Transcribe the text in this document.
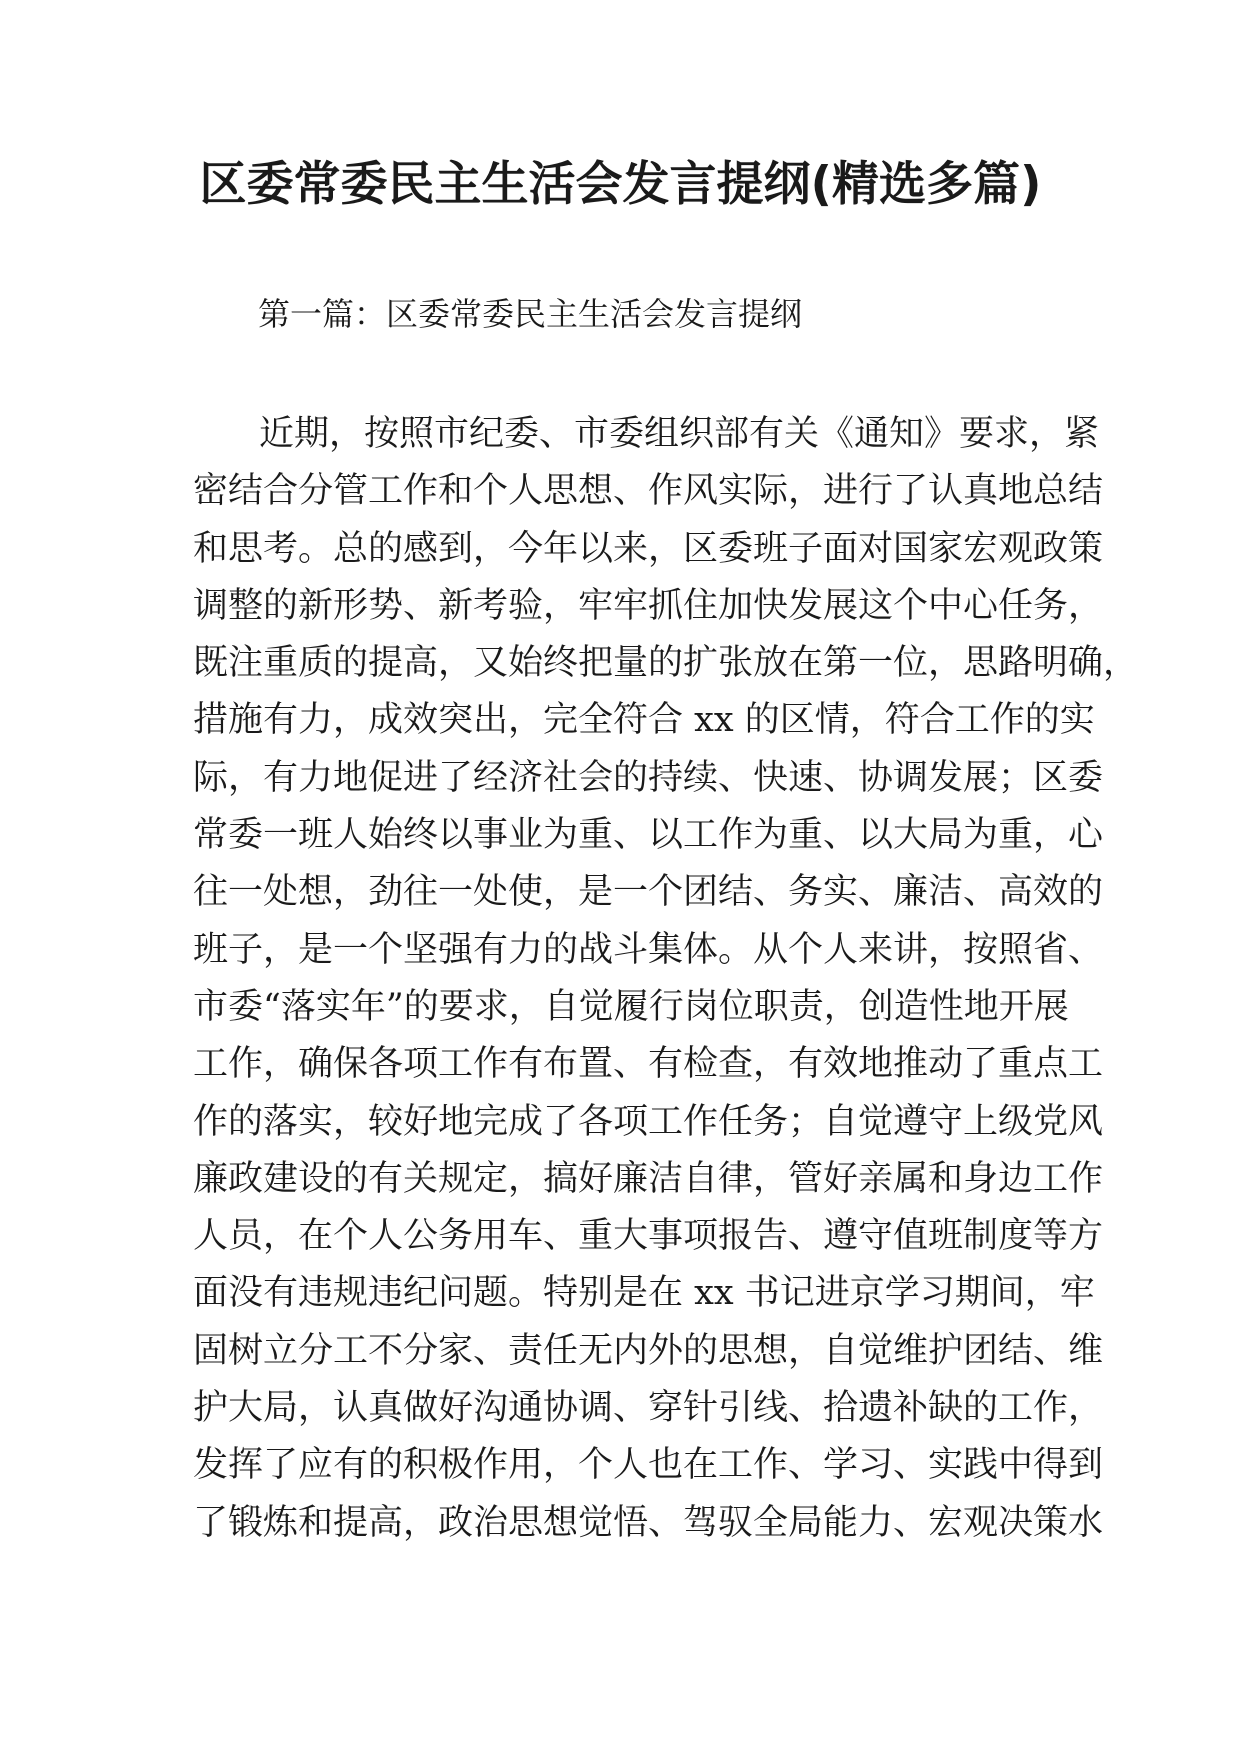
区委常委民主生活会发言提纲(精选多篇)
第一篇：区委常委民主生活会发言提纲
近期，按照市纪委、市委组织部有关《通知》要求，紧
密结合分管工作和个人思想、作风实际，进行了认真地总结
和思考。总的感到，今年以来，区委班子面对国家宏观政策
调整的新形势、新考验，牢牢抓住加快发展这个中心任务，
既注重质的提高，又始终把量的扩张放在第一位，思路明确，
措施有力，成效突出，完全符合 xx 的区情，符合工作的实
际，有力地促进了经济社会的持续、快速、协调发展；区委
常委一班人始终以事业为重、以工作为重、以大局为重，心
往一处想，劲往一处使，是一个团结、务实、廉洁、高效的
班子，是一个坚强有力的战斗集体。从个人来讲，按照省、
市委“落实年”的要求，自觉履行岗位职责，创造性地开展
工作，确保各项工作有布置、有检查，有效地推动了重点工
作的落实，较好地完成了各项工作任务；自觉遵守上级党风
廉政建设的有关规定，搞好廉洁自律，管好亲属和身边工作
人员，在个人公务用车、重大事项报告、遵守值班制度等方
面没有违规违纪问题。特别是在 xx 书记进京学习期间，牢
固树立分工不分家、责任无内外的思想，自觉维护团结、维
护大局，认真做好沟通协调、穿针引线、拾遗补缺的工作，
发挥了应有的积极作用，个人也在工作、学习、实践中得到
了锻炼和提高，政治思想觉悟、驾驭全局能力、宏观决策水
